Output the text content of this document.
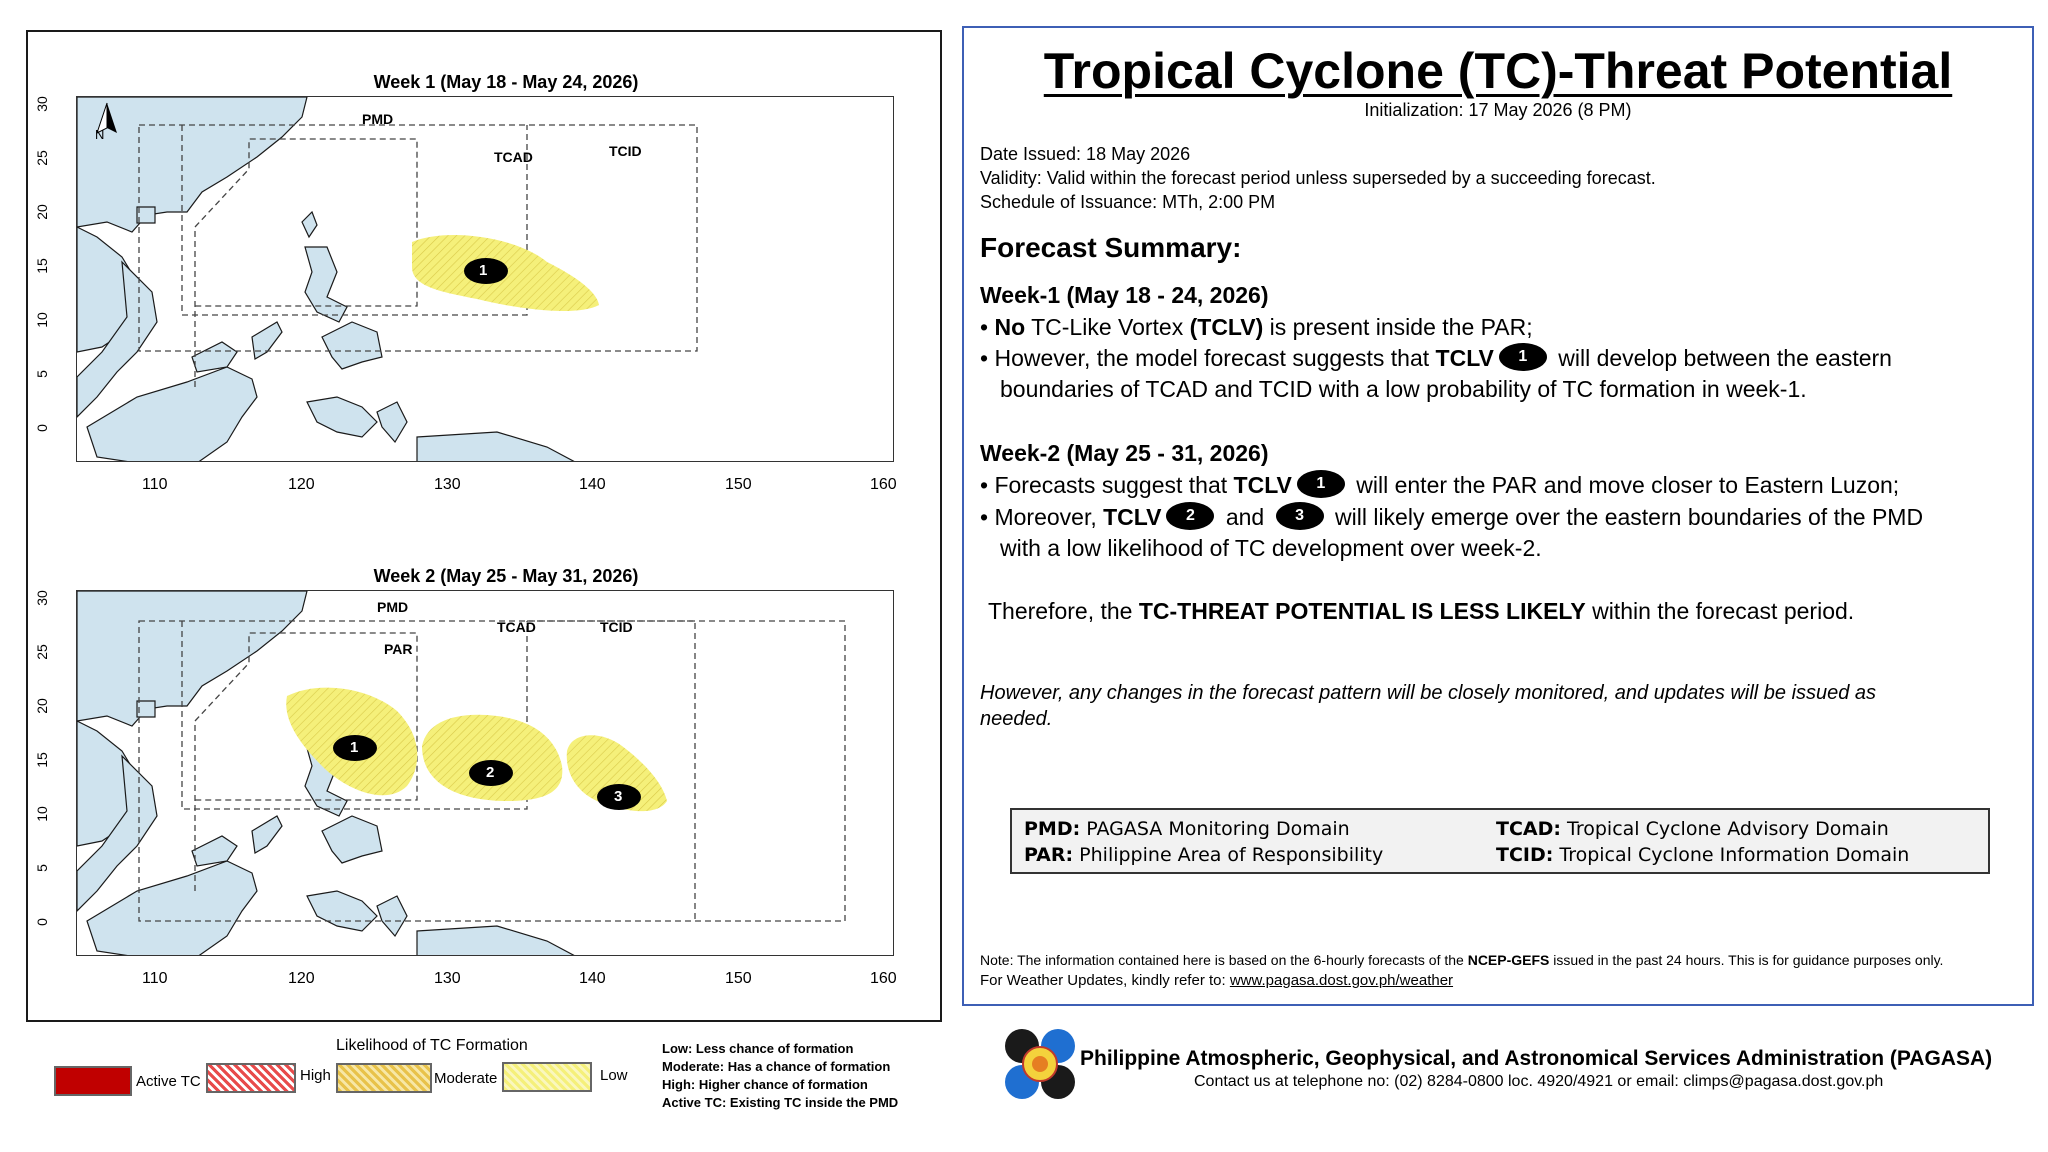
Week 1 (May 18 - May 24, 2026)
N
PMD
TCAD	TCID
1
110	120	130	140	150	160
30
25
20
15
10
5
0
Week 2 (May 25 - May 31, 2026)
PMD
TCAD	TCID
PAR
1
2
3
110	120	130	140	150	160
30
25
20
15
10
5
0
Likelihood of TC Formation
Active TC	High	Moderate	Low
Low: Less chance of formation
Moderate: Has a chance of formation
High: Higher chance of formation
Active TC: Existing TC inside the PMD
Tropical Cyclone (TC)-Threat Potential
Initialization: 17 May 2026 (8 PM)
Date Issued: 18 May 2026
Validity: Valid within the forecast period unless superseded by a succeeding forecast.
Schedule of Issuance: MTh, 2:00 PM
Forecast Summary:
Week-1 (May 18 - 24, 2026)
• No TC-Like Vortex (TCLV) is present inside the PAR;
• However, the model forecast suggests that TCLV 1 will develop between the eastern
boundaries of TCAD and TCID with a low probability of TC formation in week-1.
Week-2 (May 25 - 31, 2026)
• Forecasts suggest that TCLV 1 will enter the PAR and move closer to Eastern Luzon;
• Moreover, TCLV 2 and 3 will likely emerge over the eastern boundaries of the PMD
with a low likelihood of TC development over week-2.
Therefore, the TC-THREAT POTENTIAL IS LESS LIKELY within the forecast period.
However, any changes in the forecast pattern will be closely monitored, and updates will be issued as
needed.
PMD: PAGASA Monitoring Domain	TCAD: Tropical Cyclone Advisory Domain
PAR: Philippine Area of Responsibility	TCID: Tropical Cyclone Information Domain
Note: The information contained here is based on the 6-hourly forecasts of the NCEP-GEFS issued in the past 24 hours. This is for guidance purposes only.
For Weather Updates, kindly refer to: www.pagasa.dost.gov.ph/weather
Philippine Atmospheric, Geophysical, and Astronomical Services Administration (PAGASA)
Contact us at telephone no: (02) 8284-0800 loc. 4920/4921 or email: climps@pagasa.dost.gov.ph
